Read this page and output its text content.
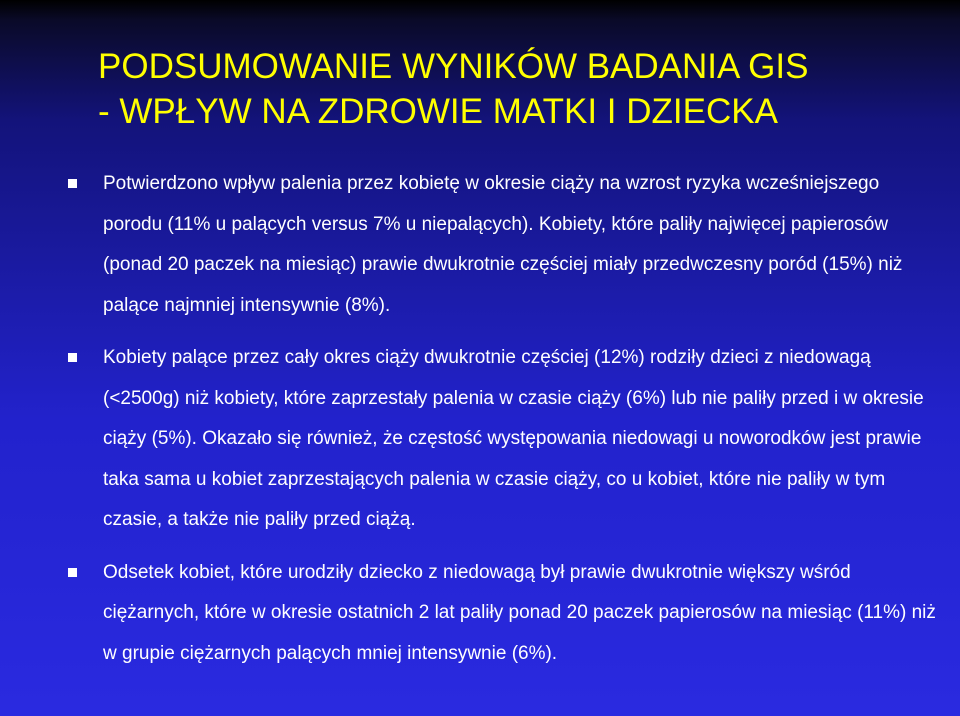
PODSUMOWANIE WYNIKÓW BADANIA GIS
- WPŁYW NA ZDROWIE MATKI I DZIECKA
Potwierdzono wpływ palenia przez kobietę w okresie ciąży na wzrost ryzyka wcześniejszego
porodu (11% u palących versus 7% u niepalących). Kobiety, które paliły najwięcej papierosów
(ponad 20 paczek na miesiąc) prawie dwukrotnie częściej miały przedwczesny poród (15%) niż
palące najmniej intensywnie (8%).
Kobiety palące przez cały okres ciąży dwukrotnie częściej (12%) rodziły dzieci z niedowagą
(<2500g) niż kobiety, które zaprzestały palenia w czasie ciąży (6%) lub nie paliły przed i w okresie
ciąży (5%). Okazało się również, że częstość występowania niedowagi u noworodków jest prawie
taka sama u kobiet zaprzestających palenia w czasie ciąży, co u kobiet, które nie paliły w tym
czasie, a także nie paliły przed ciążą.
Odsetek kobiet, które urodziły dziecko z niedowagą był prawie dwukrotnie większy wśród
ciężarnych, które w okresie ostatnich 2 lat paliły ponad 20 paczek papierosów na miesiąc (11%) niż
w grupie ciężarnych palących mniej intensywnie (6%).
